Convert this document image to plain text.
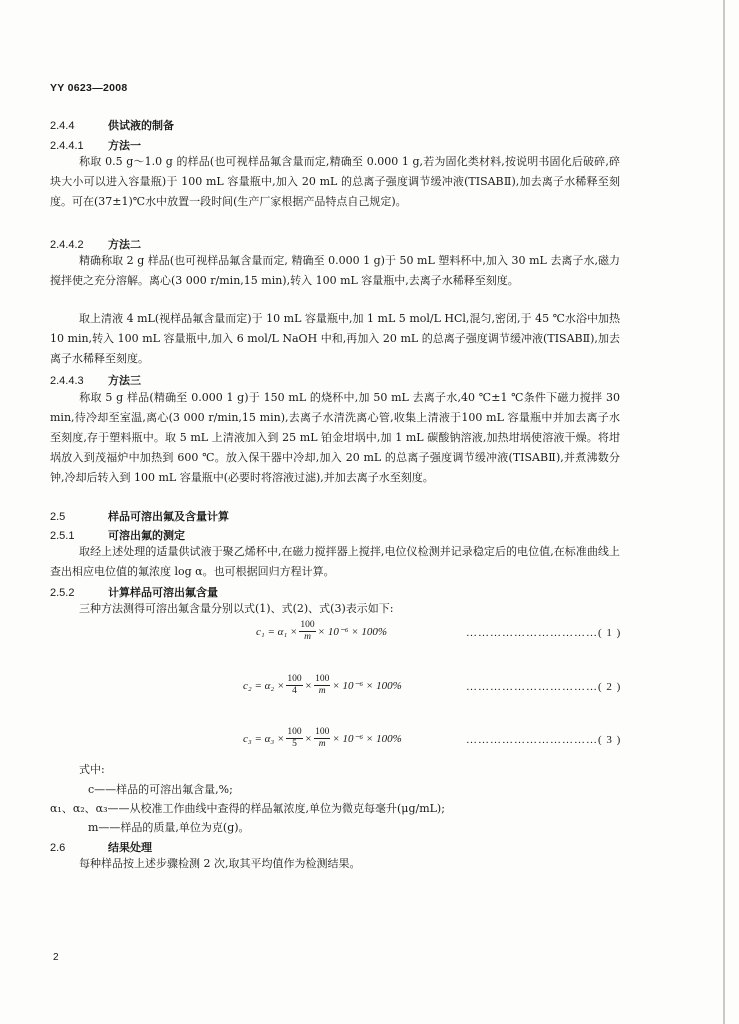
YY 0623—2008
2.4.4	供试液的制备
2.4.4.1 方法一
称取 0.5 g～1.0 g 的样品(也可视样品氟含量而定,精确至 0.000 1 g,若为固化类材料,按说明书固化后破碎,碎块大小可以进入容量瓶)于 100 mL 容量瓶中,加入 20 mL 的总离子强度调节缓冲液(TISABⅡ),加去离子水稀释至刻度。可在(37±1)℃水中放置一段时间(生产厂家根据产品特点自己规定)。
2.4.4.2 方法二
精确称取 2 g 样品(也可视样品氟含量而定, 精确至 0.000 1 g)于 50 mL 塑料杯中,加入 30 mL 去离子水,磁力搅拌使之充分溶解。离心(3 000 r/min,15 min),转入 100 mL 容量瓶中,去离子水稀释至刻度。
取上清液 4 mL(视样品氟含量而定)于 10 mL 容量瓶中,加 1 mL 5 mol/L HCl,混匀,密闭,于 45 ℃水浴中加热 10 min,转入 100 mL 容量瓶中,加入 6 mol/L NaOH 中和,再加入 20 mL 的总离子强度调节缓冲液(TISABⅡ),加去离子水稀释至刻度。
2.4.4.3 方法三
称取 5 g 样品(精确至 0.000 1 g)于 150 mL 的烧杯中,加 50 mL 去离子水,40 ℃±1 ℃条件下磁力搅拌 30 min,待冷却至室温,离心(3 000 r/min,15 min),去离子水清洗离心管,收集上清液于100 mL 容量瓶中并加去离子水至刻度,存于塑料瓶中。取 5 mL 上清液加入到 25 mL 铂金坩埚中,加 1 mL 碳酸钠溶液,加热坩埚使溶液干燥。将坩埚放入到茂福炉中加热到 600 ℃。放入保干器中冷却,加入 20 mL 的总离子强度调节缓冲液(TISABⅡ),并煮沸数分钟,冷却后转入到 100 mL 容量瓶中(必要时将溶液过滤),并加去离子水至刻度。
2.5	样品可溶出氟及含量计算
2.5.1	可溶出氟的测定
取经上述处理的适量供试液于聚乙烯杯中,在磁力搅拌器上搅拌,电位仪检测并记录稳定后的电位值,在标准曲线上查出相应电位值的氟浓度 log α。也可根据回归方程计算。
2.5.2	计算样品可溶出氟含量
三种方法测得可溶出氟含量分别以式(1)、式(2)、式(3)表示如下:
$c_1 = \alpha_1 \times \frac{100}{m} \times 10^{-6} \times 100\%$	……………………………( 1 )
$c_2 = \alpha_2 \times \frac{100}{4} \times \frac{100}{m} \times 10^{-6} \times 100\%$	……………………………( 2 )
$c_3 = \alpha_3 \times \frac{100}{5} \times \frac{100}{m} \times 10^{-6} \times 100\%$	……………………………( 3 )
式中:
c——样品的可溶出氟含量,%;
α₁、α₂、α₃——从校准工作曲线中查得的样品氟浓度,单位为微克每毫升(μg/mL);
m——样品的质量,单位为克(g)。
2.6	结果处理
每种样品按上述步骤检测 2 次,取其平均值作为检测结果。
2
